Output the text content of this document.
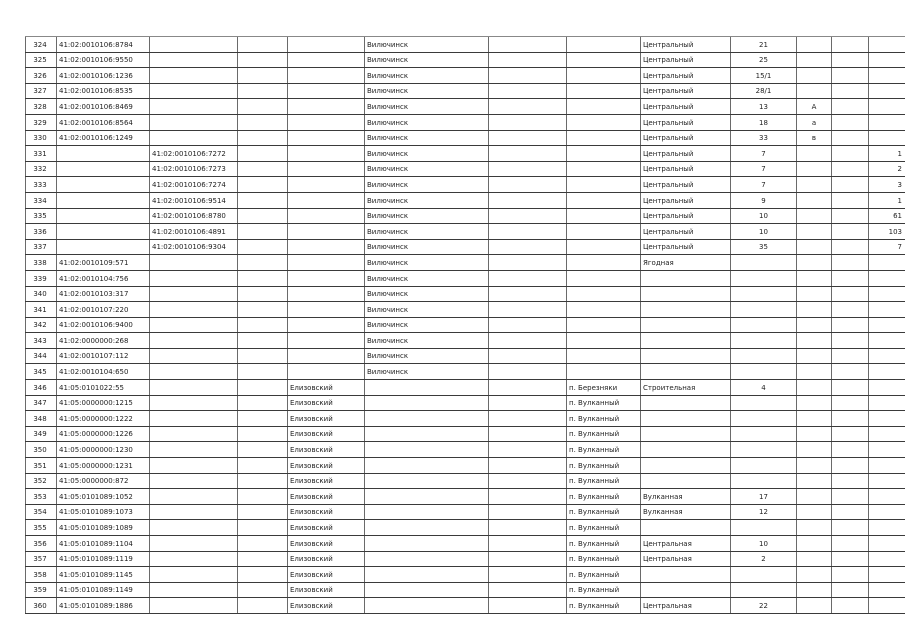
324	41:02:0010106:8784				Вилючинск			Центральный	21			
325	41:02:0010106:9550				Вилючинск			Центральный	25			
326	41:02:0010106:1236				Вилючинск			Центральный	15/1			
327	41:02:0010106:8535				Вилючинск			Центральный	28/1			
328	41:02:0010106:8469				Вилючинск			Центральный	13	А		
329	41:02:0010106:8564				Вилючинск			Центральный	18	а		
330	41:02:0010106:1249				Вилючинск			Центральный	33	в		
331		41:02:0010106:7272			Вилючинск			Центральный	7			1
332		41:02:0010106:7273			Вилючинск			Центральный	7			2
333		41:02:0010106:7274			Вилючинск			Центральный	7			3
334		41:02:0010106:9514			Вилючинск			Центральный	9			1
335		41:02:0010106:8780			Вилючинск			Центральный	10			61
336		41:02:0010106:4891			Вилючинск			Центральный	10			103
337		41:02:0010106:9304			Вилючинск			Центральный	35			7
338	41:02:0010109:571				Вилючинск			Ягодная				
339	41:02:0010104:756				Вилючинск							
340	41:02:0010103:317				Вилючинск							
341	41:02:0010107:220				Вилючинск							
342	41:02:0010106:9400				Вилючинск							
343	41:02:0000000:268				Вилючинск							
344	41:02:0010107:112				Вилючинск							
345	41:02:0010104:650				Вилючинск							
346	41:05:0101022:55			Елизовский			п. Березняки	Строительная	4			
347	41:05:0000000:1215			Елизовский			п. Вулканный					
348	41:05:0000000:1222			Елизовский			п. Вулканный					
349	41:05:0000000:1226			Елизовский			п. Вулканный					
350	41:05:0000000:1230			Елизовский			п. Вулканный					
351	41:05:0000000:1231			Елизовский			п. Вулканный					
352	41:05:0000000:872			Елизовский			п. Вулканный					
353	41:05:0101089:1052			Елизовский			п. Вулканный	Вулканная	17			
354	41:05:0101089:1073			Елизовский			п. Вулканный	Вулканная	12			
355	41:05:0101089:1089			Елизовский			п. Вулканный					
356	41:05:0101089:1104			Елизовский			п. Вулканный	Центральная	10			
357	41:05:0101089:1119			Елизовский			п. Вулканный	Центральная	2			
358	41:05:0101089:1145			Елизовский			п. Вулканный					
359	41:05:0101089:1149			Елизовский			п. Вулканный					
360	41:05:0101089:1886			Елизовский			п. Вулканный	Центральная	22			
